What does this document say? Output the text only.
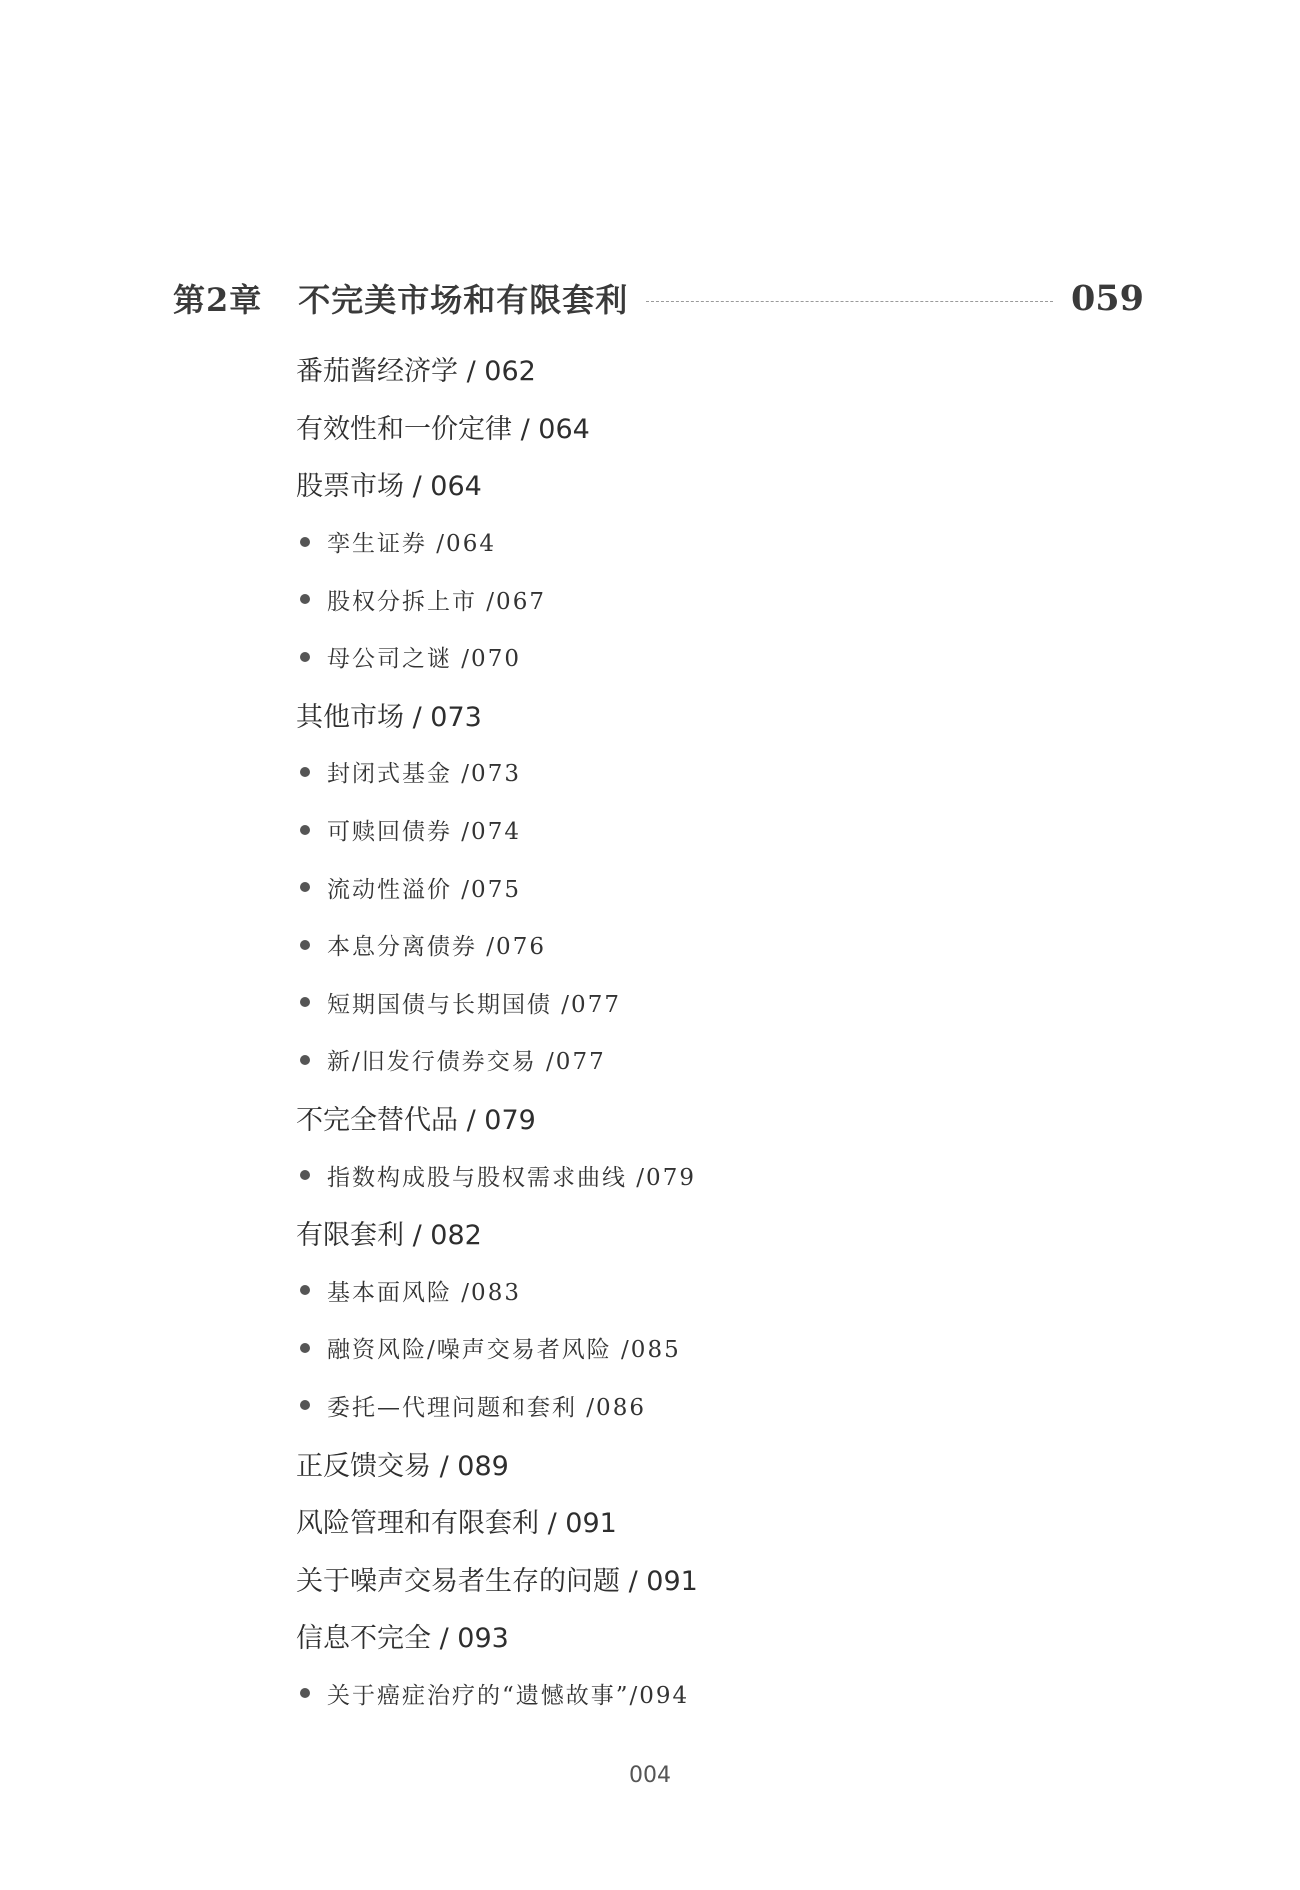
第2章 不完美市场和有限套利	059
番茄酱经济学 / 062
有效性和一价定律 / 064
股票市场 / 064
孪生证券 /064
股权分拆上市 /067
母公司之谜 /070
其他市场 / 073
封闭式基金 /073
可赎回债券 /074
流动性溢价 /075
本息分离债券 /076
短期国债与长期国债 /077
新/旧发行债券交易 /077
不完全替代品 / 079
指数构成股与股权需求曲线 /079
有限套利 / 082
基本面风险 /083
融资风险/噪声交易者风险 /085
委托—代理问题和套利 /086
正反馈交易 / 089
风险管理和有限套利 / 091
关于噪声交易者生存的问题 / 091
信息不完全 / 093
关于癌症治疗的“遗憾故事”/094
004
